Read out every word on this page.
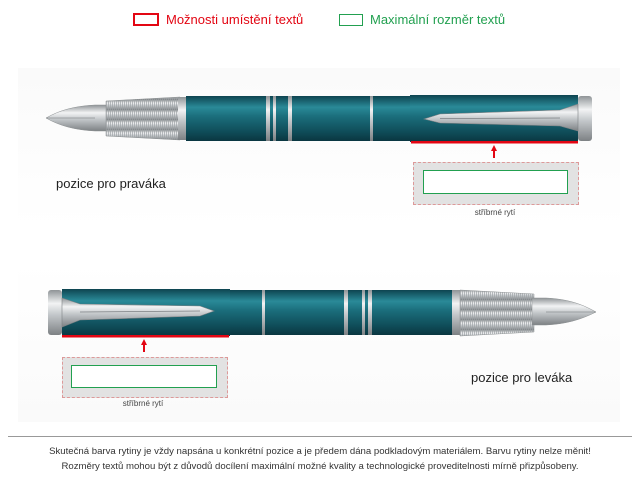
Možnosti umístění textů	Maximální rozměr textů
stříbrné rytí
pozice pro praváka
stříbrné rytí
pozice pro leváka
Skutečná barva rytiny je vždy napsána u konkrétní pozice a je předem dána podkladovým materiálem. Barvu rytiny nelze měnit!
Rozměry textů mohou být z důvodů docílení maximální možné kvality a technologické proveditelnosti mírně přizpůsobeny.
